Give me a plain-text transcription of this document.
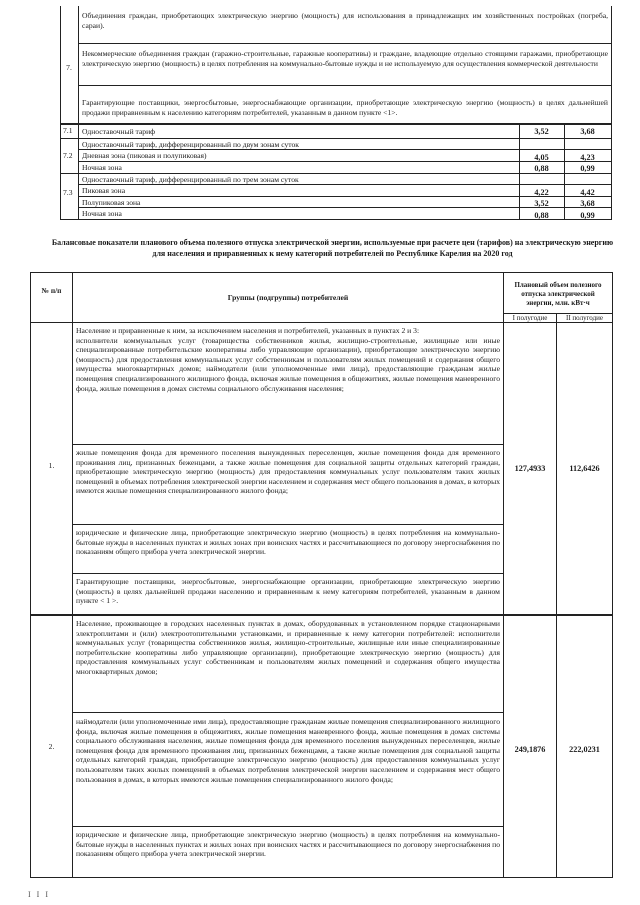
7.
Объединения граждан, приобретающих электрическую энергию (мощность) для использования в принадлежащих им хозяйственных постройках (погреба, сараи).
Некоммерческие объединения граждан (гаражно-строительные, гаражные кооперативы) и граждане, владеющие отдельно стоящими гаражами, приобретающие электрическую энергию (мощность) в целях потребления на коммунально-бытовые нужды и не используемую для осуществления коммерческой деятельности
Гарантирующие поставщики, энергосбытовые, энергоснабжающие организации, приобретающие электрическую энергию (мощность) в целях дальнейшей продажи приравненным к населению категориям потребителей, указанным в данном пункте <1>.
7.1	Одноставочный тариф	3,52	3,68
7.2
Одноставочный тариф, дифференцированный по двум зонам суток
Дневная зона (пиковая и полупиковая)	4,05	4,23
Ночная зона	0,88	0,99
7.3
Одноставочный тариф, дифференцированный по трем зонам суток
Пиковая зона	4,22	4,42
Полупиковая зона	3,52	3,68
Ночная зона	0,88	0,99
Балансовые показатели планового объема полезного отпуска электрической энергии, используемые при расчете цен (тарифов) на электрическую энергию для населения и приравненных к нему категорий потребителей по Республике Карелия на 2020 год
№ п/п
Группы (подгруппы) потребителей
Плановый объем полезного отпуска электрической энергии, млн. кВт·ч
I полугодие	II полугодие
1.	127,4933	112,6426
Население и приравненные к ним, за исключением населения и потребителей, указанных в пунктах 2 и 3:
исполнители коммунальных услуг (товарищества собственников жилья, жилищно-строительные, жилищные или иные специализированные потребительские кооперативы либо управляющие организации), приобретающие электрическую энергию (мощность) для предоставления коммунальных услуг собственникам и пользователям жилых помещений и содержания общего имущества многоквартирных домов; наймодатели (или уполномоченные ими лица), предоставляющие гражданам жилые помещения специализированного жилищного фонда, включая жилые помещения в общежитиях, жилые помещения маневренного фонда, жилые помещения в домах системы социального обслуживания населения;
жилые помещения фонда для временного поселения вынужденных переселенцев, жилые помещения фонда для временного проживания лиц, признанных беженцами, а также жилые помещения для социальной защиты отдельных категорий граждан, приобретающие электрическую энергию (мощность) для предоставления коммунальных услуг пользователям таких жилых помещений в объемах потребления электрической энергии населением и содержания мест общего пользования в домах, в которых имеются жилые помещения специализированного жилого фонда;
юридические и физические лица, приобретающие электрическую энергию (мощность) в целях потребления на коммунально-бытовые нужды в населенных пунктах и жилых зонах при воинских частях и рассчитывающиеся по договору энергоснабжения по показаниям общего прибора учета электрической энергии.
Гарантирующие поставщики, энергосбытовые, энергоснабжающие организации, приобретающие электрическую энергию (мощность) в целях дальнейшей продажи населению и приравненным к нему категориям потребителей, указанным в данном пункте < 1 >.
2.	249,1876	222,0231
Население, проживающее в городских населенных пунктах в домах, оборудованных в установленном порядке стационарными электроплитами и (или) электроотопительными установками, и приравненные к нему категории потребителей: исполнители коммунальных услуг (товарищества собственников жилья, жилищно-строительные, жилищные или иные специализированные потребительские кооперативы либо управляющие организации), приобретающие электрическую энергию (мощность) для предоставления коммунальных услуг собственникам и пользователям жилых помещений и содержания общего имущества многоквартирных домов;
наймодатели (или уполномоченные ими лица), предоставляющие гражданам жилые помещения специализированного жилищного фонда, включая жилые помещения в общежитиях, жилые помещения маневренного фонда, жилые помещения в домах системы социального обслуживания населения, жилые помещения фонда для временного поселения вынужденных переселенцев, жилые помещения фонда для временного проживания лиц, признанных беженцами, а также жилые помещения для социальной защиты отдельных категорий граждан, приобретающие электрическую энергию (мощность) для предоставления коммунальных услуг пользователям таких жилых помещений в объемах потребления электрической энергии населением и содержания мест общего пользования в домах, в которых имеются жилые помещения специализированного жилого фонда;
юридические и физические лица, приобретающие электрическую энергию (мощность) в целях потребления на коммунально-бытовые нужды в населенных пунктах и жилых зонах при воинских частях и рассчитывающиеся по договору энергоснабжения по показаниям общего прибора учета электрической энергии.
I I I
